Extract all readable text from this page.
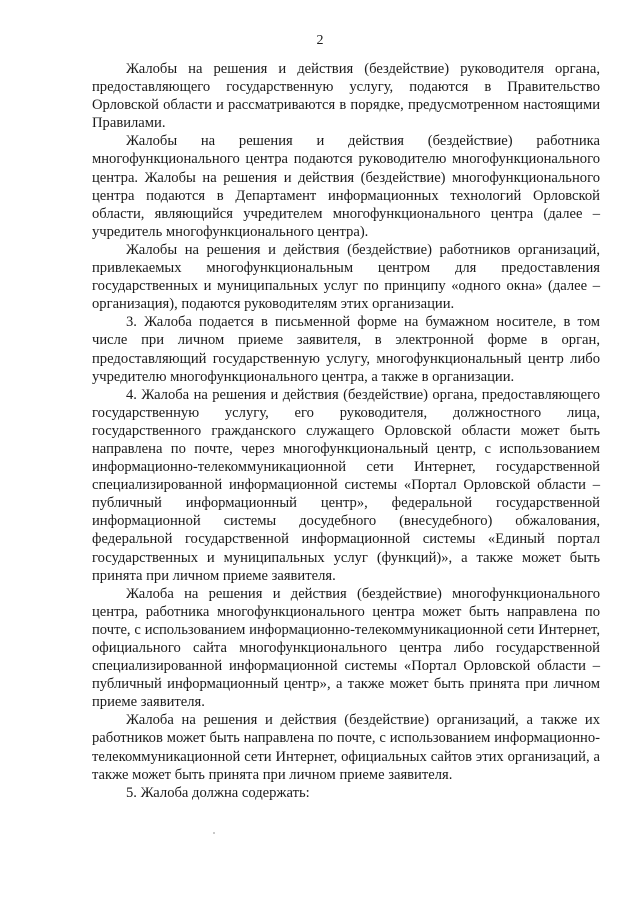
2

Жалобы на решения и действия (бездействие) руководителя органа, предоставляющего государственную услугу, подаются в Правительство Орловской области и рассматриваются в порядке, предусмотренном настоящими Правилами.

Жалобы на решения и действия (бездействие) работника многофункционального центра подаются руководителю многофункционального центра. Жалобы на решения и действия (бездействие) многофункционального центра подаются в Департамент информационных технологий Орловской области, являющийся учредителем многофункционального центра (далее – учредитель многофункционального центра).

Жалобы на решения и действия (бездействие) работников организаций, привлекаемых многофункциональным центром для предоставления государственных и муниципальных услуг по принципу «одного окна» (далее – организация), подаются руководителям этих организации.

3. Жалоба подается в письменной форме на бумажном носителе, в том числе при личном приеме заявителя, в электронной форме в орган, предоставляющий государственную услугу, многофункциональный центр либо учредителю многофункционального центра, а также в организации.

4. Жалоба на решения и действия (бездействие) органа, предоставляющего государственную услугу, его руководителя, должностного лица, государственного гражданского служащего Орловской области может быть направлена по почте, через многофункциональный центр, с использованием информационно-телекоммуникационной сети Интернет, государственной специализированной информационной системы «Портал Орловской области – публичный информационный центр», федеральной государственной информационной системы досудебного (внесудебного) обжалования, федеральной государственной информационной системы «Единый портал государственных и муниципальных услуг (функций)», а также может быть принята при личном приеме заявителя.

Жалоба на решения и действия (бездействие) многофункционального центра, работника многофункционального центра может быть направлена по почте, с использованием информационно-телекоммуникационной сети Интернет, официального сайта многофункционального центра либо государственной специализированной информационной системы «Портал Орловской области – публичный информационный центр», а также может быть принята при личном приеме заявителя.

Жалоба на решения и действия (бездействие) организаций, а также их работников может быть направлена по почте, с использованием информационно-телекоммуникационной сети Интернет, официальных сайтов этих организаций, а также может быть принята при личном приеме заявителя.

5. Жалоба должна содержать:
